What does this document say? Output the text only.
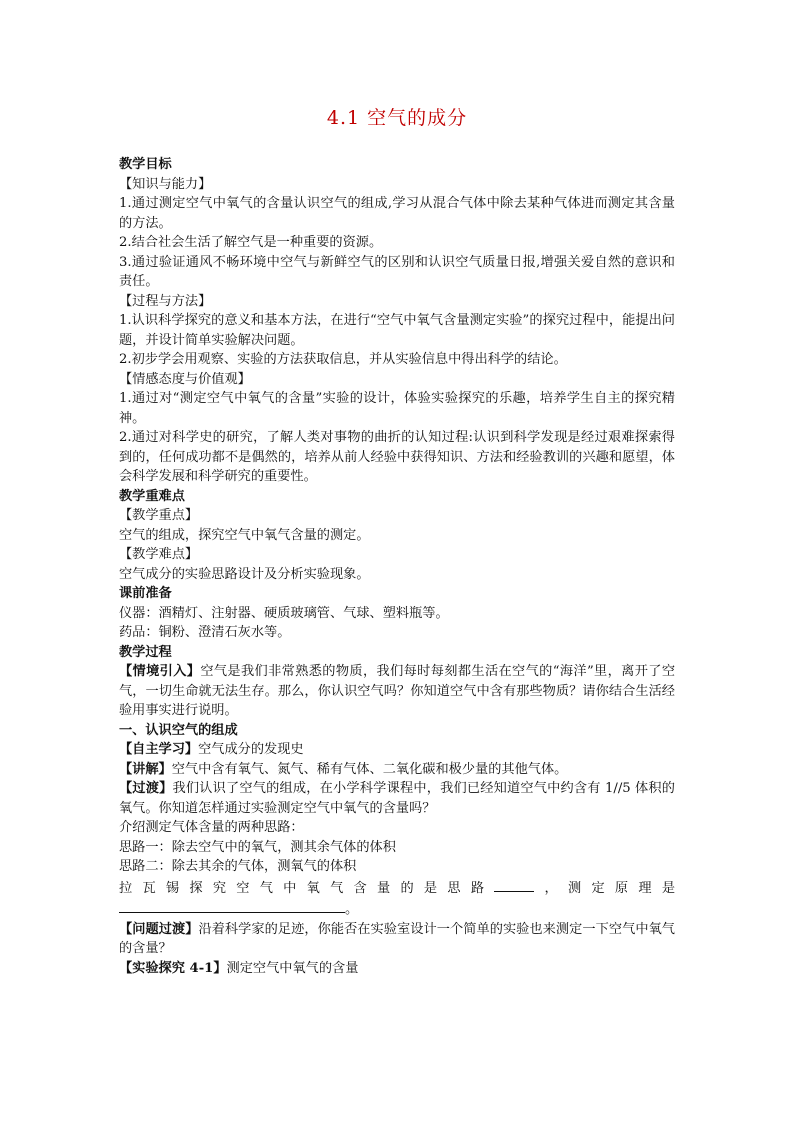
4.1 空气的成分

教学目标

【知识与能力】

1.通过测定空气中氧气的含量认识空气的组成,学习从混合气体中除去某种气体进而测定其含量的方法。

2.结合社会生活了解空气是一种重要的资源。

3.通过验证通风不畅环境中空气与新鲜空气的区别和认识空气质量日报,增强关爱自然的意识和责任。

【过程与方法】

1.认识科学探究的意义和基本方法，在进行“空气中氧气含量测定实验”的探究过程中，能提出问题，并设计简单实验解决问题。

2.初步学会用观察、实验的方法获取信息，并从实验信息中得出科学的结论。

【情感态度与价值观】

1.通过对“测定空气中氧气的含量”实验的设计，体验实验探究的乐趣，培养学生自主的探究精神。

2.通过对科学史的研究，了解人类对事物的曲折的认知过程:认识到科学发现是经过艰难探索得到的，任何成功都不是偶然的，培养从前人经验中获得知识、方法和经验教训的兴趣和愿望，体会科学发展和科学研究的重要性。

教学重难点

【教学重点】

空气的组成，探究空气中氧气含量的测定。

【教学难点】

空气成分的实验思路设计及分析实验现象。

课前准备

仪器：酒精灯、注射器、硬质玻璃管、气球、塑料瓶等。

药品：铜粉、澄清石灰水等。

教学过程

【情境引入】空气是我们非常熟悉的物质，我们每时每刻都生活在空气的“海洋”里，离开了空气，一切生命就无法生存。那么，你认识空气吗？你知道空气中含有那些物质？请你结合生活经验用事实进行说明。

一、认识空气的组成

【自主学习】空气成分的发现史

【讲解】空气中含有氧气、氮气、稀有气体、二氧化碳和极少量的其他气体。

【过渡】我们认识了空气的组成，在小学科学课程中，我们已经知道空气中约含有 1/​/5 体积的氧气。你知道怎样通过实验测定空气中氧气的含量吗？

介绍测定气体含量的两种思路：

思路一：除去空气中的氧气，测其余气体的体积

思路二：除去其余的气体，测氧气的体积

拉瓦锡探究空气中氧气含量的是思路	，测定原理是。

【问题过渡】沿着科学家的足迹，你能否在实验室设计一个简单的实验也来测定一下空气中氧气的含量？

【实验探究 4-1】测定空气中氧气的含量
